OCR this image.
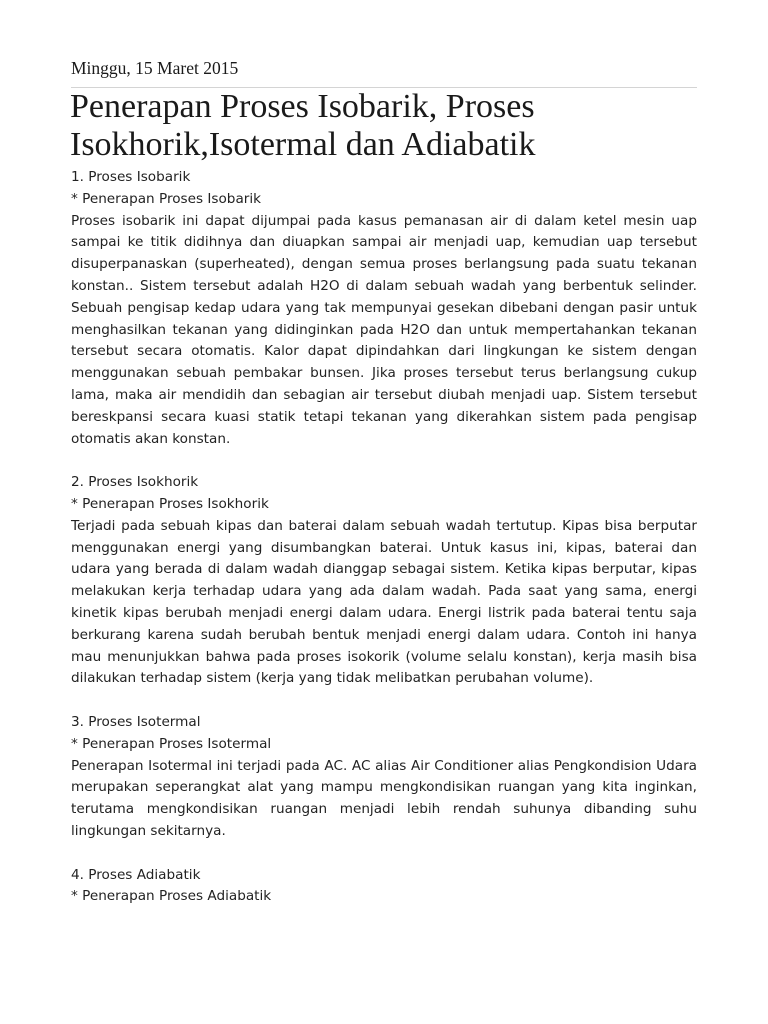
Minggu, 15 Maret 2015
Penerapan Proses Isobarik, Proses Isokhorik,Isotermal dan Adiabatik
1. Proses Isobarik
* Penerapan Proses Isobarik

Proses isobarik ini dapat dijumpai pada kasus pemanasan air di dalam ketel mesin uap sampai ke titik didihnya dan diuapkan sampai air menjadi uap, kemudian uap tersebut disuperpanaskan (superheated), dengan semua proses berlangsung pada suatu tekanan konstan.. Sistem tersebut adalah H2O di dalam sebuah wadah yang berbentuk selinder. Sebuah pengisap kedap udara yang tak mempunyai gesekan dibebani dengan pasir untuk menghasilkan tekanan yang didinginkan pada H2O dan untuk mempertahankan tekanan tersebut secara otomatis. Kalor dapat dipindahkan dari lingkungan ke sistem dengan menggunakan sebuah pembakar bunsen. Jika proses tersebut terus berlangsung cukup lama, maka air mendidih dan sebagian air tersebut diubah menjadi uap. Sistem tersebut bereskpansi secara kuasi statik tetapi tekanan yang dikerahkan sistem pada pengisap otomatis akan konstan.

2. Proses Isokhorik
* Penerapan Proses Isokhorik

Terjadi pada sebuah kipas dan baterai dalam sebuah wadah tertutup. Kipas bisa berputar menggunakan energi yang disumbangkan baterai. Untuk kasus ini, kipas, baterai dan udara yang berada di dalam wadah dianggap sebagai sistem. Ketika kipas berputar, kipas melakukan kerja terhadap udara yang ada dalam wadah. Pada saat yang sama, energi kinetik kipas berubah menjadi energi dalam udara. Energi listrik pada baterai tentu saja berkurang karena sudah berubah bentuk menjadi energi dalam udara. Contoh ini hanya mau menunjukkan bahwa pada proses isokorik (volume selalu konstan), kerja masih bisa dilakukan terhadap sistem (kerja yang tidak melibatkan perubahan volume).

3. Proses Isotermal
* Penerapan Proses Isotermal

Penerapan Isotermal ini terjadi pada AC. AC alias Air Conditioner alias Pengkondision Udara merupakan seperangkat alat yang mampu mengkondisikan ruangan yang kita inginkan, terutama mengkondisikan ruangan menjadi lebih rendah suhunya dibanding suhu lingkungan sekitarnya.

4. Proses Adiabatik
* Penerapan Proses Adiabatik
